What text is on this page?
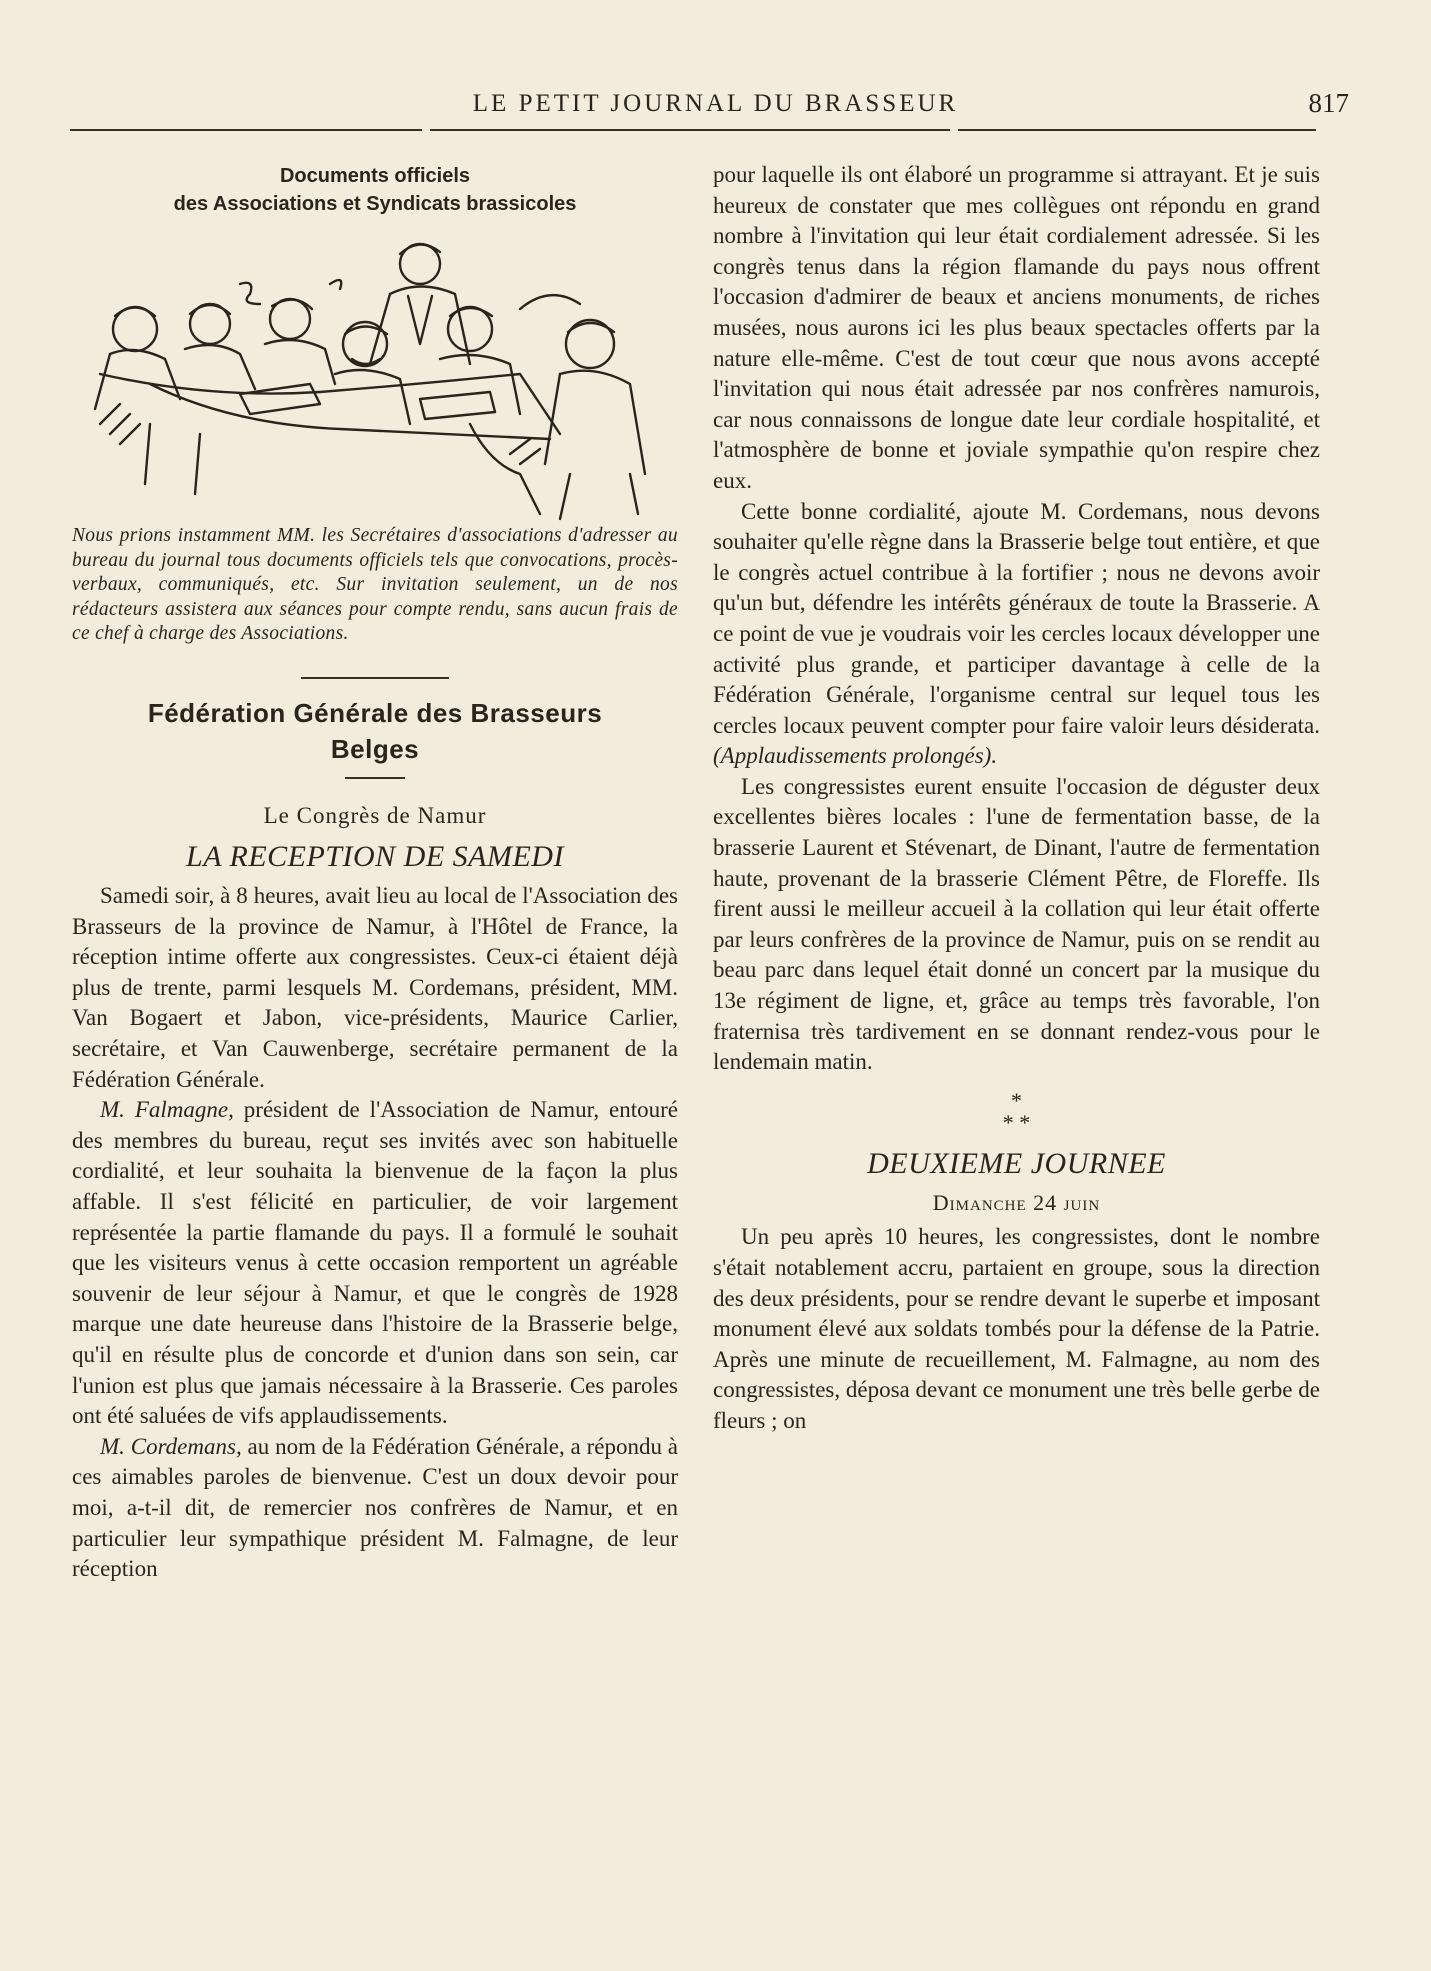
LE PETIT JOURNAL DU BRASSEUR	817
Documents officiels
des Associations et Syndicats brassicoles

Nous prions instamment MM. les Secrétaires d'associations d'adresser au bureau du journal tous documents officiels tels que convocations, procès-verbaux, communiqués, etc. Sur invitation seulement, un de nos rédacteurs assistera aux séances pour compte rendu, sans aucun frais de ce chef à charge des Associations.

Fédération Générale des Brasseurs
Belges
Le Congrès de Namur
LA RECEPTION DE SAMEDI

Samedi soir, à 8 heures, avait lieu au local de l'Association des Brasseurs de la province de Namur, à l'Hôtel de France, la réception intime offerte aux congressistes. Ceux-ci étaient déjà plus de trente, parmi lesquels M. Cordemans, président, MM. Van Bogaert et Jabon, vice-présidents, Maurice Carlier, secrétaire, et Van Cauwenberge, secrétaire permanent de la Fédération Générale.

M. Falmagne, président de l'Association de Namur, entouré des membres du bureau, reçut ses invités avec son habituelle cordialité, et leur souhaita la bienvenue de la façon la plus affable. Il s'est félicité en particulier, de voir largement représentée la partie flamande du pays. Il a formulé le souhait que les visiteurs venus à cette occasion remportent un agréable souvenir de leur séjour à Namur, et que le congrès de 1928 marque une date heureuse dans l'histoire de la Brasserie belge, qu'il en résulte plus de concorde et d'union dans son sein, car l'union est plus que jamais nécessaire à la Brasserie. Ces paroles ont été saluées de vifs applaudissements.

M. Cordemans, au nom de la Fédération Générale, a répondu à ces aimables paroles de bienvenue. C'est un doux devoir pour moi, a-t-il dit, de remercier nos confrères de Namur, et en particulier leur sympathique président M. Falmagne, de leur réception

pour laquelle ils ont élaboré un programme si attrayant. Et je suis heureux de constater que mes collègues ont répondu en grand nombre à l'invitation qui leur était cordialement adressée. Si les congrès tenus dans la région flamande du pays nous offrent l'occasion d'admirer de beaux et anciens monuments, de riches musées, nous aurons ici les plus beaux spectacles offerts par la nature elle-même. C'est de tout cœur que nous avons accepté l'invitation qui nous était adressée par nos confrères namurois, car nous connaissons de longue date leur cordiale hospitalité, et l'atmosphère de bonne et joviale sympathie qu'on respire chez eux.

Cette bonne cordialité, ajoute M. Cordemans, nous devons souhaiter qu'elle règne dans la Brasserie belge tout entière, et que le congrès actuel contribue à la fortifier ; nous ne devons avoir qu'un but, défendre les intérêts généraux de toute la Brasserie. A ce point de vue je voudrais voir les cercles locaux développer une activité plus grande, et participer davantage à celle de la Fédération Générale, l'organisme central sur lequel tous les cercles locaux peuvent compter pour faire valoir leurs désiderata. (Applaudissements prolongés).

Les congressistes eurent ensuite l'occasion de déguster deux excellentes bières locales : l'une de fermentation basse, de la brasserie Laurent et Stévenart, de Dinant, l'autre de fermentation haute, provenant de la brasserie Clément Pêtre, de Floreffe. Ils firent aussi le meilleur accueil à la collation qui leur était offerte par leurs confrères de la province de Namur, puis on se rendit au beau parc dans lequel était donné un concert par la musique du 13e régiment de ligne, et, grâce au temps très favorable, l'on fraternisa très tardivement en se donnant rendez-vous pour le lendemain matin.

*
* *
DEUXIEME JOURNEE
Dimanche 24 juin

Un peu après 10 heures, les congressistes, dont le nombre s'était notablement accru, partaient en groupe, sous la direction des deux présidents, pour se rendre devant le superbe et imposant monument élevé aux soldats tombés pour la défense de la Patrie. Après une minute de recueillement, M. Falmagne, au nom des congressistes, déposa devant ce monument une très belle gerbe de fleurs ; on
